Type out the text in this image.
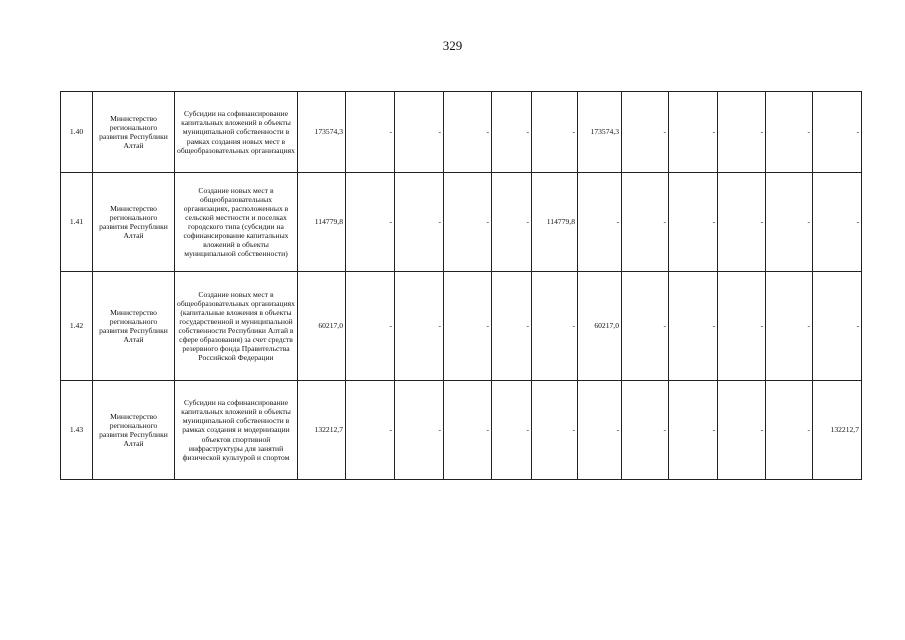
329
1.40	Министерство регионального развития Республики Алтай	Субсидии на софинансирование капитальных вложений в объекты муниципальной собственности в рамках создания новых мест в общеобразовательных организациях	173574,3	-	-	-	-	-	173574,3	-	-	-	-	-
1.41	Министерство регионального развития Республики Алтай	Создание новых мест в общеобразовательных организациях, расположенных в сельской местности и поселках городского типа (субсидии на софинансирование капитальных вложений в объекты муниципальной собственности)	114779,8	-	-	-	-	114779,8	-	-	-	-	-	-
1.42	Министерство регионального развития Республики Алтай	Создание новых мест в общеобразовательных организациях (капитальные вложения в объекты государственной и муниципальной собственности Республики Алтай в сфере образования) за счет средств резервного фонда Правительства Российской Федерации	60217,0	-	-	-	-	-	60217,0	-	-	-	-	-
1.43	Министерство регионального развития Республики Алтай	Субсидии на софинансирование капитальных вложений в объекты муниципальной собственности в рамках создания и модернизации объектов спортивной инфраструктуры для занятий физической культурой и спортом	132212,7	-	-	-	-	-	-	-	-	-	-	132212,7
